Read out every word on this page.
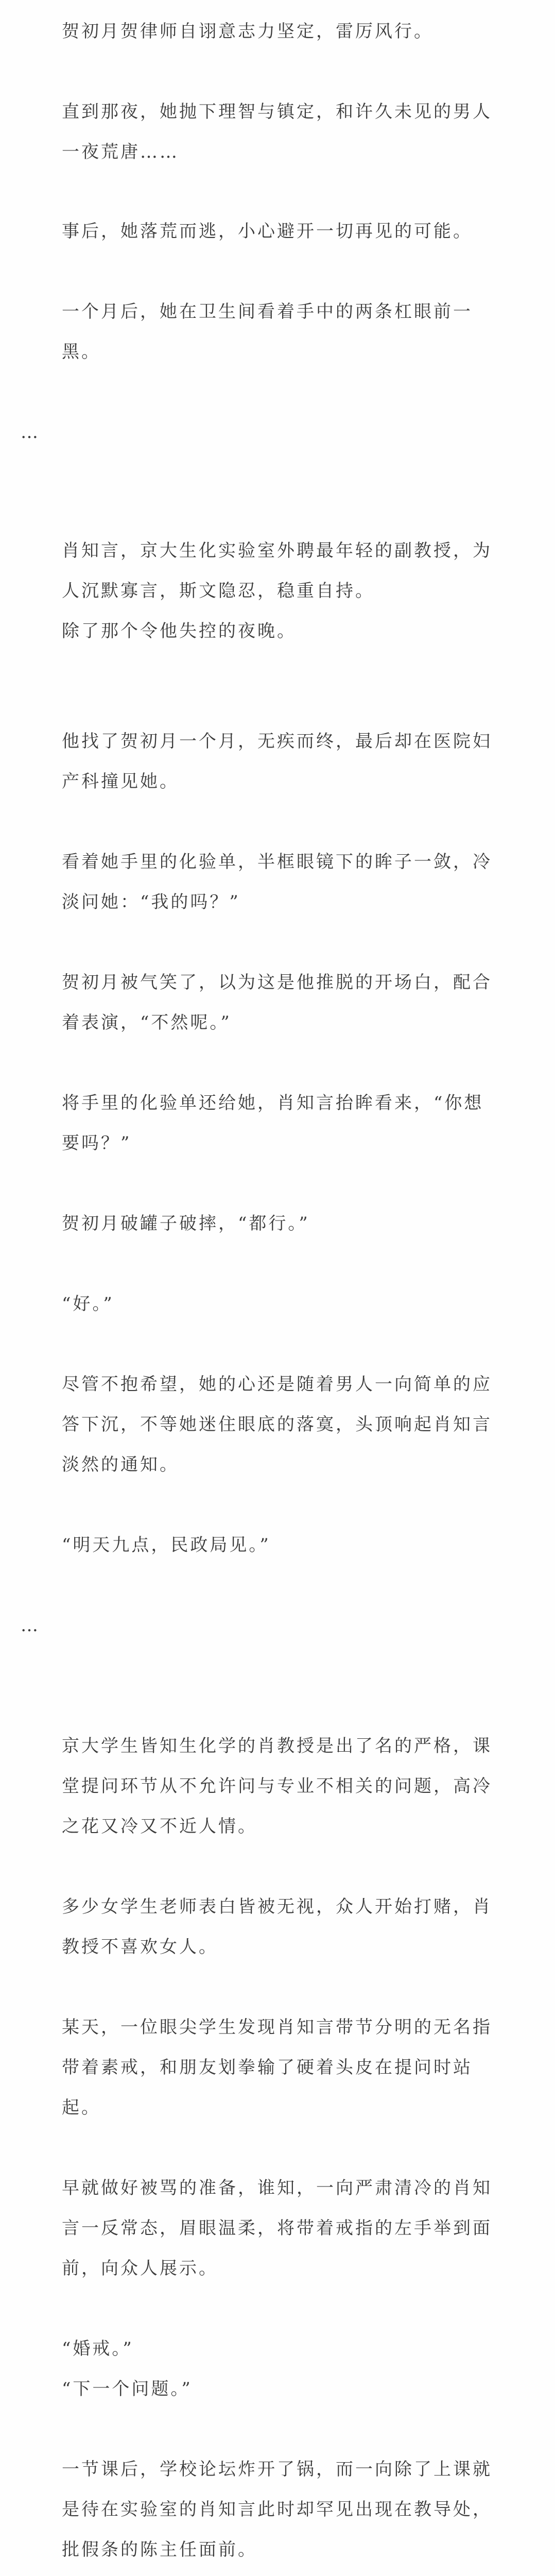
贺初月贺律师自诩意志力坚定，雷厉风行。

直到那夜，她抛下理智与镇定，和许久未见的男人一夜荒唐……

事后，她落荒而逃，小心避开一切再见的可能。

一个月后，她在卫生间看着手中的两条杠眼前一黑。

…

肖知言，京大生化实验室外聘最年轻的副教授，为人沉默寡言，斯文隐忍，稳重自持。

除了那个令他失控的夜晚。

他找了贺初月一个月，无疾而终，最后却在医院妇产科撞见她。

看着她手里的化验单，半框眼镜下的眸子一敛，冷淡问她：“我的吗？”

贺初月被气笑了，以为这是他推脱的开场白，配合着表演，“不然呢。”

将手里的化验单还给她，肖知言抬眸看来，“你想要吗？”

贺初月破罐子破摔，“都行。”

“好。”

尽管不抱希望，她的心还是随着男人一向简单的应答下沉，不等她迷住眼底的落寞，头顶响起肖知言淡然的通知。

“明天九点，民政局见。”

…

京大学生皆知生化学的肖教授是出了名的严格，课堂提问环节从不允许问与专业不相关的问题，高冷之花又冷又不近人情。

多少女学生老师表白皆被无视，众人开始打赌，肖教授不喜欢女人。

某天，一位眼尖学生发现肖知言带节分明的无名指带着素戒，和朋友划拳输了硬着头皮在提问时站起。

早就做好被骂的准备，谁知，一向严肃清冷的肖知言一反常态，眉眼温柔，将带着戒指的左手举到面前，向众人展示。

“婚戒。”

“下一个问题。”

一节课后，学校论坛炸开了锅，而一向除了上课就是待在实验室的肖知言此时却罕见出现在教导处，批假条的陈主任面前。
